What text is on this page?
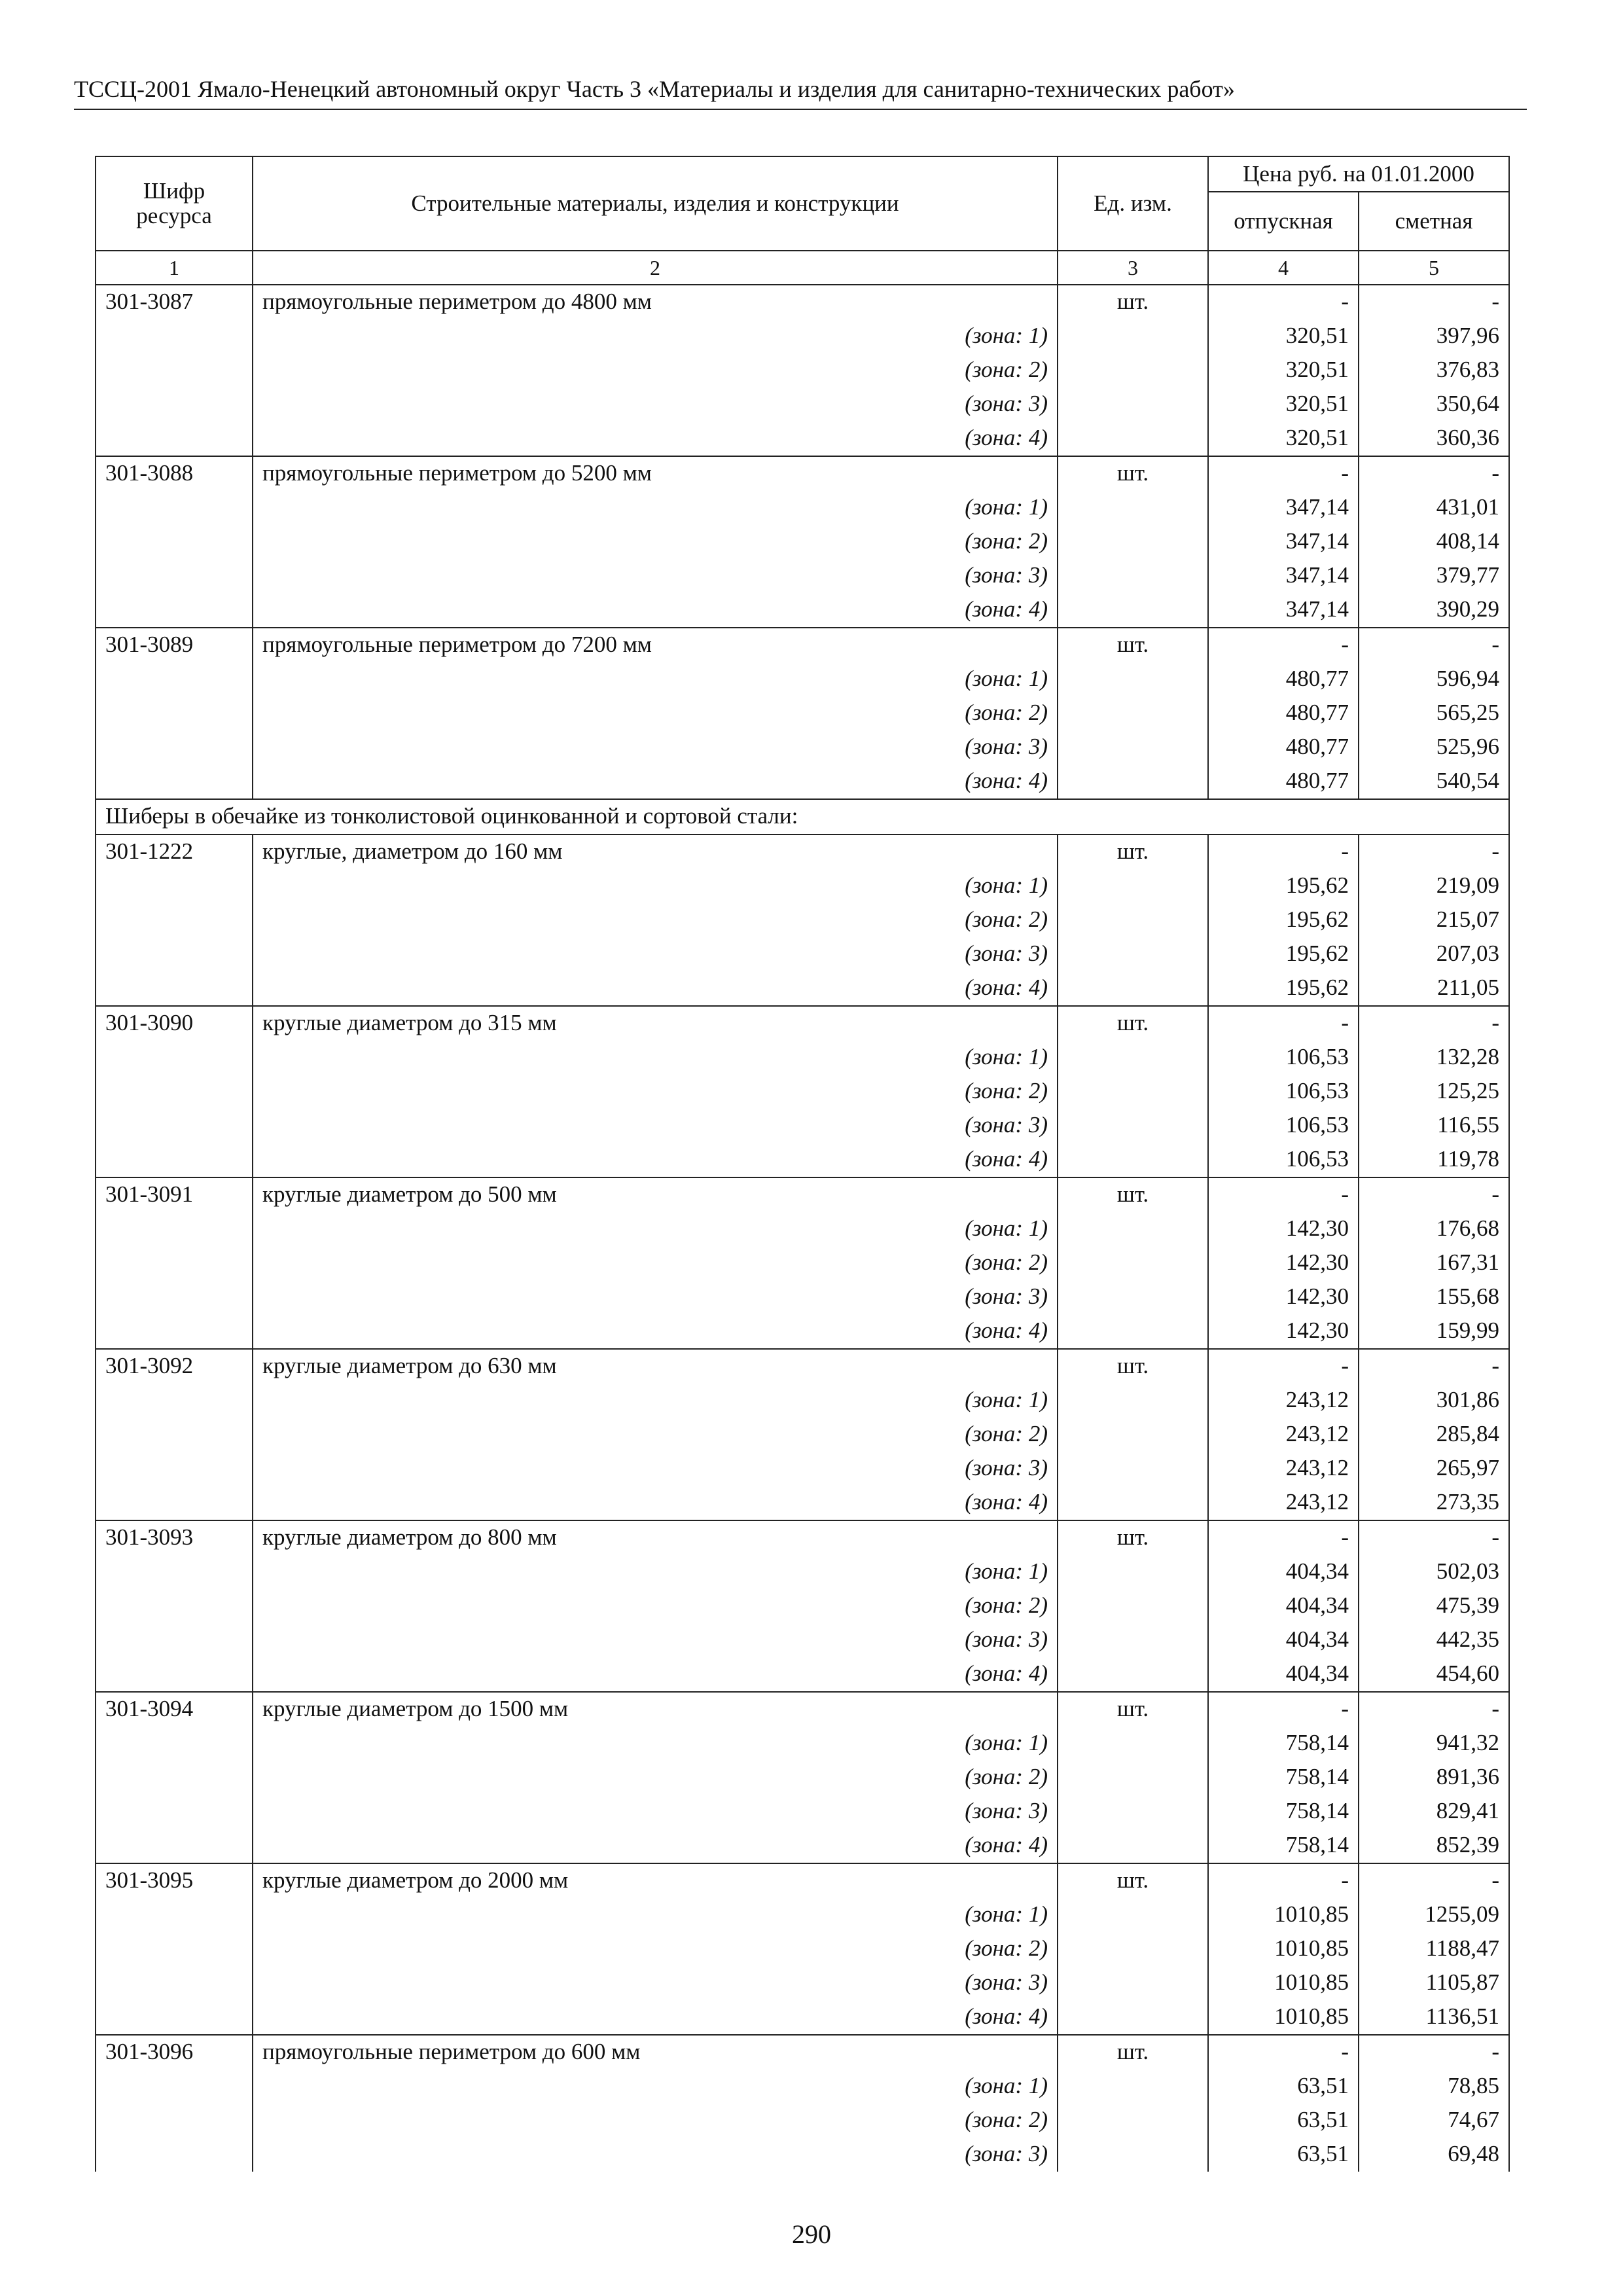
ТССЦ-2001 Ямало-Ненецкий автономный округ Часть 3 «Материалы и изделия для санитарно-технических работ»
Шифр ресурса	Строительные материалы, изделия и конструкции	Ед. изм.	Цена руб. на 01.01.2000	
			отпускная	сметная
1	2	3	4	5
301-3087	прямоугольные периметром до 4800 мм	шт.	-	-
	(зона: 1)		320,51	397,96
	(зона: 2)		320,51	376,83
	(зона: 3)		320,51	350,64
	(зона: 4)		320,51	360,36
301-3088	прямоугольные периметром до 5200 мм	шт.	-	-
	(зона: 1)		347,14	431,01
	(зона: 2)		347,14	408,14
	(зона: 3)		347,14	379,77
	(зона: 4)		347,14	390,29
301-3089	прямоугольные периметром до 7200 мм	шт.	-	-
	(зона: 1)		480,77	596,94
	(зона: 2)		480,77	565,25
	(зона: 3)		480,77	525,96
	(зона: 4)		480,77	540,54
Шиберы в обечайке из тонколистовой оцинкованной и сортовой стали:				
301-1222	круглые, диаметром до 160 мм	шт.	-	-
	(зона: 1)		195,62	219,09
	(зона: 2)		195,62	215,07
	(зона: 3)		195,62	207,03
	(зона: 4)		195,62	211,05
301-3090	круглые диаметром до 315 мм	шт.	-	-
	(зона: 1)		106,53	132,28
	(зона: 2)		106,53	125,25
	(зона: 3)		106,53	116,55
	(зона: 4)		106,53	119,78
301-3091	круглые диаметром до 500 мм	шт.	-	-
	(зона: 1)		142,30	176,68
	(зона: 2)		142,30	167,31
	(зона: 3)		142,30	155,68
	(зона: 4)		142,30	159,99
301-3092	круглые диаметром до 630 мм	шт.	-	-
	(зона: 1)		243,12	301,86
	(зона: 2)		243,12	285,84
	(зона: 3)		243,12	265,97
	(зона: 4)		243,12	273,35
301-3093	круглые диаметром до 800 мм	шт.	-	-
	(зона: 1)		404,34	502,03
	(зона: 2)		404,34	475,39
	(зона: 3)		404,34	442,35
	(зона: 4)		404,34	454,60
301-3094	круглые диаметром до 1500 мм	шт.	-	-
	(зона: 1)		758,14	941,32
	(зона: 2)		758,14	891,36
	(зона: 3)		758,14	829,41
	(зона: 4)		758,14	852,39
301-3095	круглые диаметром до 2000 мм	шт.	-	-
	(зона: 1)		1010,85	1255,09
	(зона: 2)		1010,85	1188,47
	(зона: 3)		1010,85	1105,87
	(зона: 4)		1010,85	1136,51
301-3096	прямоугольные периметром до 600 мм	шт.	-	-
	(зона: 1)		63,51	78,85
	(зона: 2)		63,51	74,67
	(зона: 3)		63,51	69,48
290
